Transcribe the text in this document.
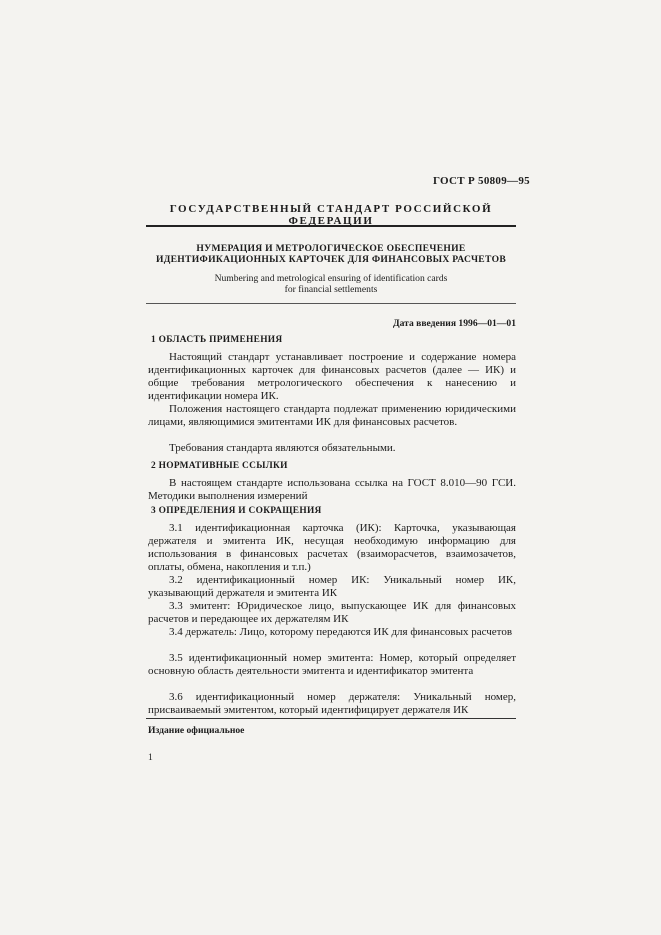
ГОСТ Р 50809—95
ГОСУДАРСТВЕННЫЙ СТАНДАРТ РОССИЙСКОЙ ФЕДЕРАЦИИ
НУМЕРАЦИЯ И МЕТРОЛОГИЧЕСКОЕ ОБЕСПЕЧЕНИЕ
ИДЕНТИФИКАЦИОННЫХ КАРТОЧЕК ДЛЯ ФИНАНСОВЫХ РАСЧЕТОВ
Numbering and metrological ensuring of identification cards
for financial settlements
Дата введения 1996—01—01
1 ОБЛАСТЬ ПРИМЕНЕНИЯ
Настоящий стандарт устанавливает построение и содержание номера идентификационных карточек для финансовых расчетов (далее — ИК) и общие требования метрологического обеспечения к нанесению и идентификации номера ИК.
Положения настоящего стандарта подлежат применению юридическими лицами, являющимися эмитентами ИК для финансовых расчетов.
Требования стандарта являются обязательными.
2 НОРМАТИВНЫЕ ССЫЛКИ
В настоящем стандарте использована ссылка на ГОСТ 8.010—90 ГСИ. Методики выполнения измерений
3 ОПРЕДЕЛЕНИЯ И СОКРАЩЕНИЯ
3.1 идентификационная карточка (ИК): Карточка, указывающая держателя и эмитента ИК, несущая необходимую информацию для использования в финансовых расчетах (взаиморасчетов, взаимозачетов, оплаты, обмена, накопления и т.п.)
3.2 идентификационный номер ИК: Уникальный номер ИК, указывающий держателя и эмитента ИК
3.3 эмитент: Юридическое лицо, выпускающее ИК для финансовых расчетов и передающее их держателям ИК
3.4 держатель: Лицо, которому передаются ИК для финансовых расчетов
3.5 идентификационный номер эмитента: Номер, который определяет основную область деятельности эмитента и идентификатор эмитента
3.6 идентификационный номер держателя: Уникальный номер, присваиваемый эмитентом, который идентифицирует держателя ИК
Издание официальное
1
